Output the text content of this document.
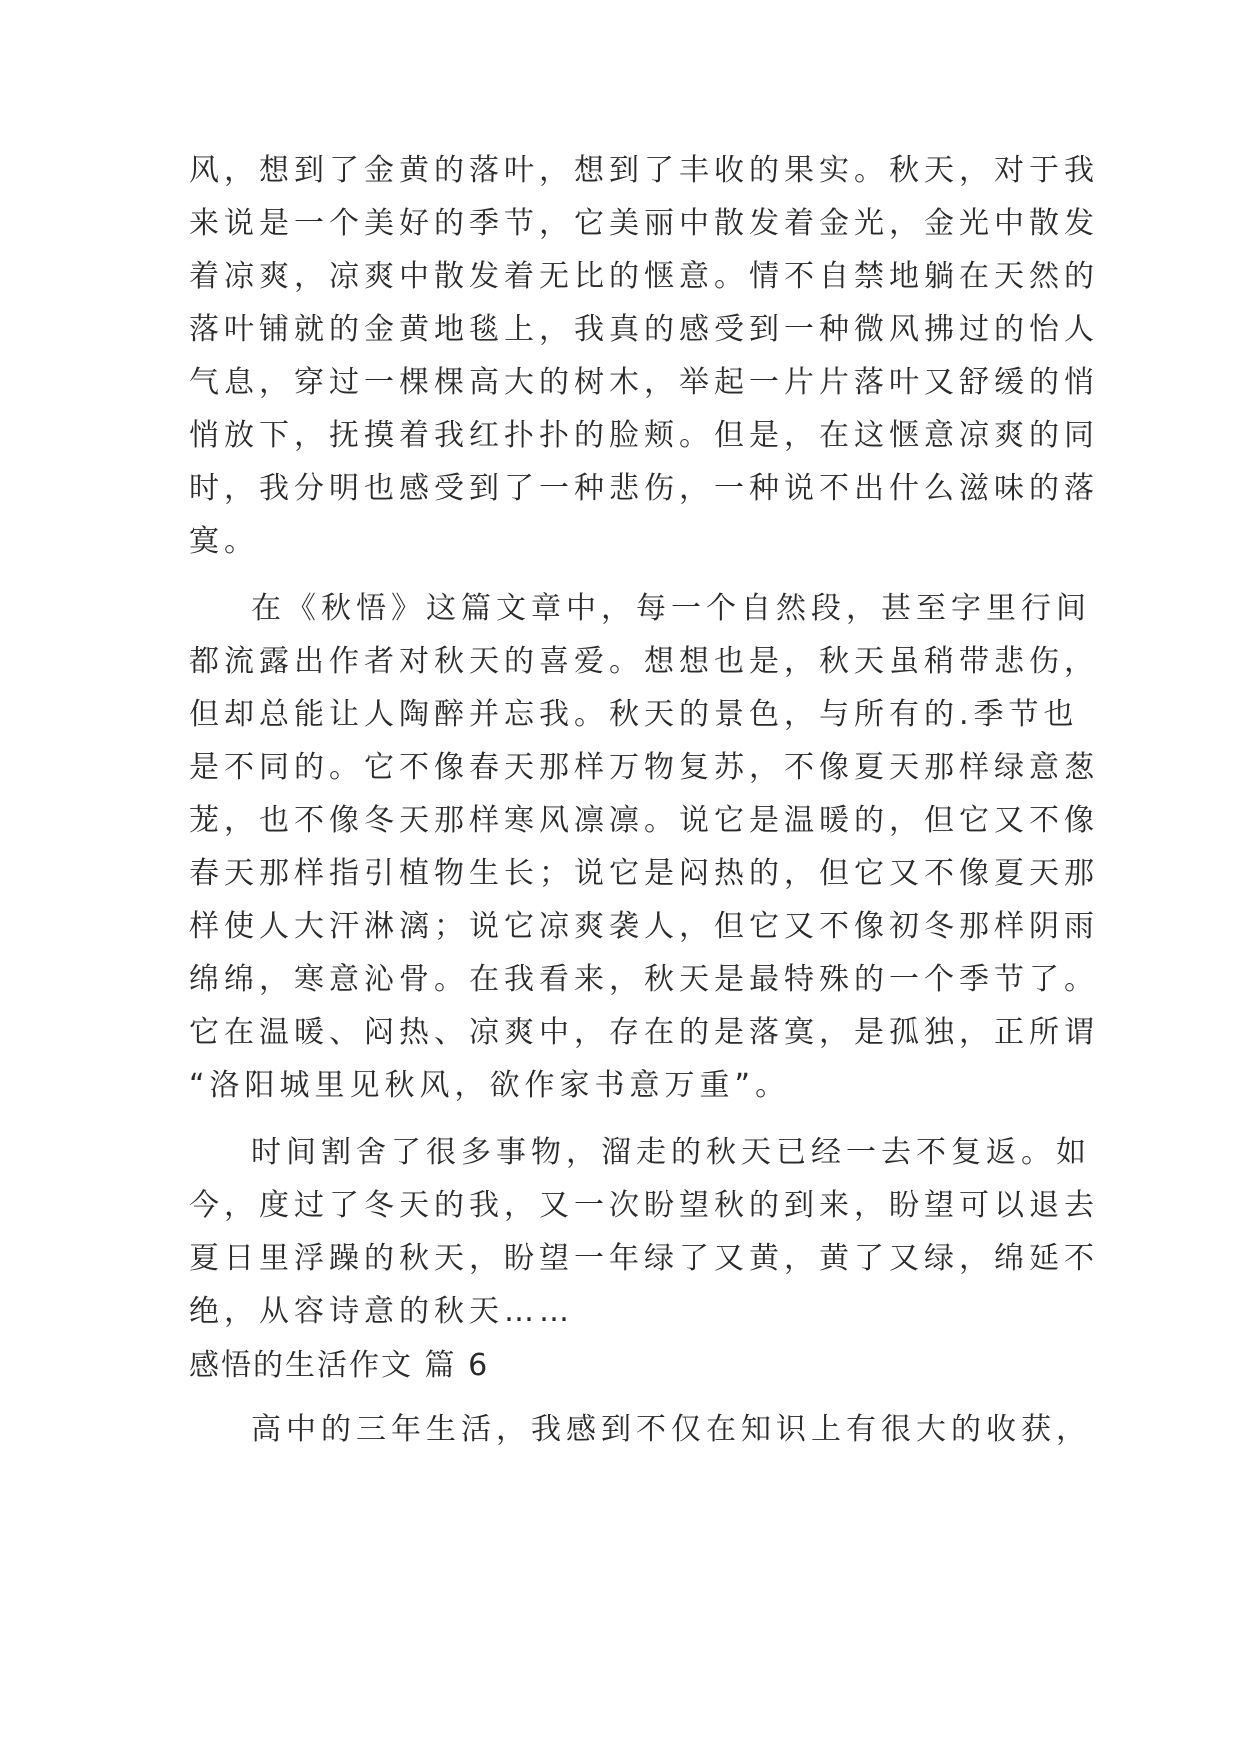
风，想到了金黄的落叶，想到了丰收的果实。秋天，对于我
来说是一个美好的季节，它美丽中散发着金光，金光中散发
着凉爽，凉爽中散发着无比的惬意。情不自禁地躺在天然的
落叶铺就的金黄地毯上，我真的感受到一种微风拂过的怡人
气息，穿过一棵棵高大的树木，举起一片片落叶又舒缓的悄
悄放下，抚摸着我红扑扑的脸颊。但是，在这惬意凉爽的同
时，我分明也感受到了一种悲伤，一种说不出什么滋味的落
寞。
在《秋悟》这篇文章中，每一个自然段，甚至字里行间
都流露出作者对秋天的喜爱。想想也是，秋天虽稍带悲伤，
但却总能让人陶醉并忘我。秋天的景色，与所有的.季节也
是不同的。它不像春天那样万物复苏，不像夏天那样绿意葱
茏，也不像冬天那样寒风凛凛。说它是温暖的，但它又不像
春天那样指引植物生长；说它是闷热的，但它又不像夏天那
样使人大汗淋漓；说它凉爽袭人，但它又不像初冬那样阴雨
绵绵，寒意沁骨。在我看来，秋天是最特殊的一个季节了。
它在温暖、闷热、凉爽中，存在的是落寞，是孤独，正所谓
“洛阳城里见秋风，欲作家书意万重”。
时间割舍了很多事物，溜走的秋天已经一去不复返。如
今，度过了冬天的我，又一次盼望秋的到来，盼望可以退去
夏日里浮躁的秋天，盼望一年绿了又黄，黄了又绿，绵延不
绝，从容诗意的秋天……
感悟的生活作文 篇 6
高中的三年生活，我感到不仅在知识上有很大的收获，
